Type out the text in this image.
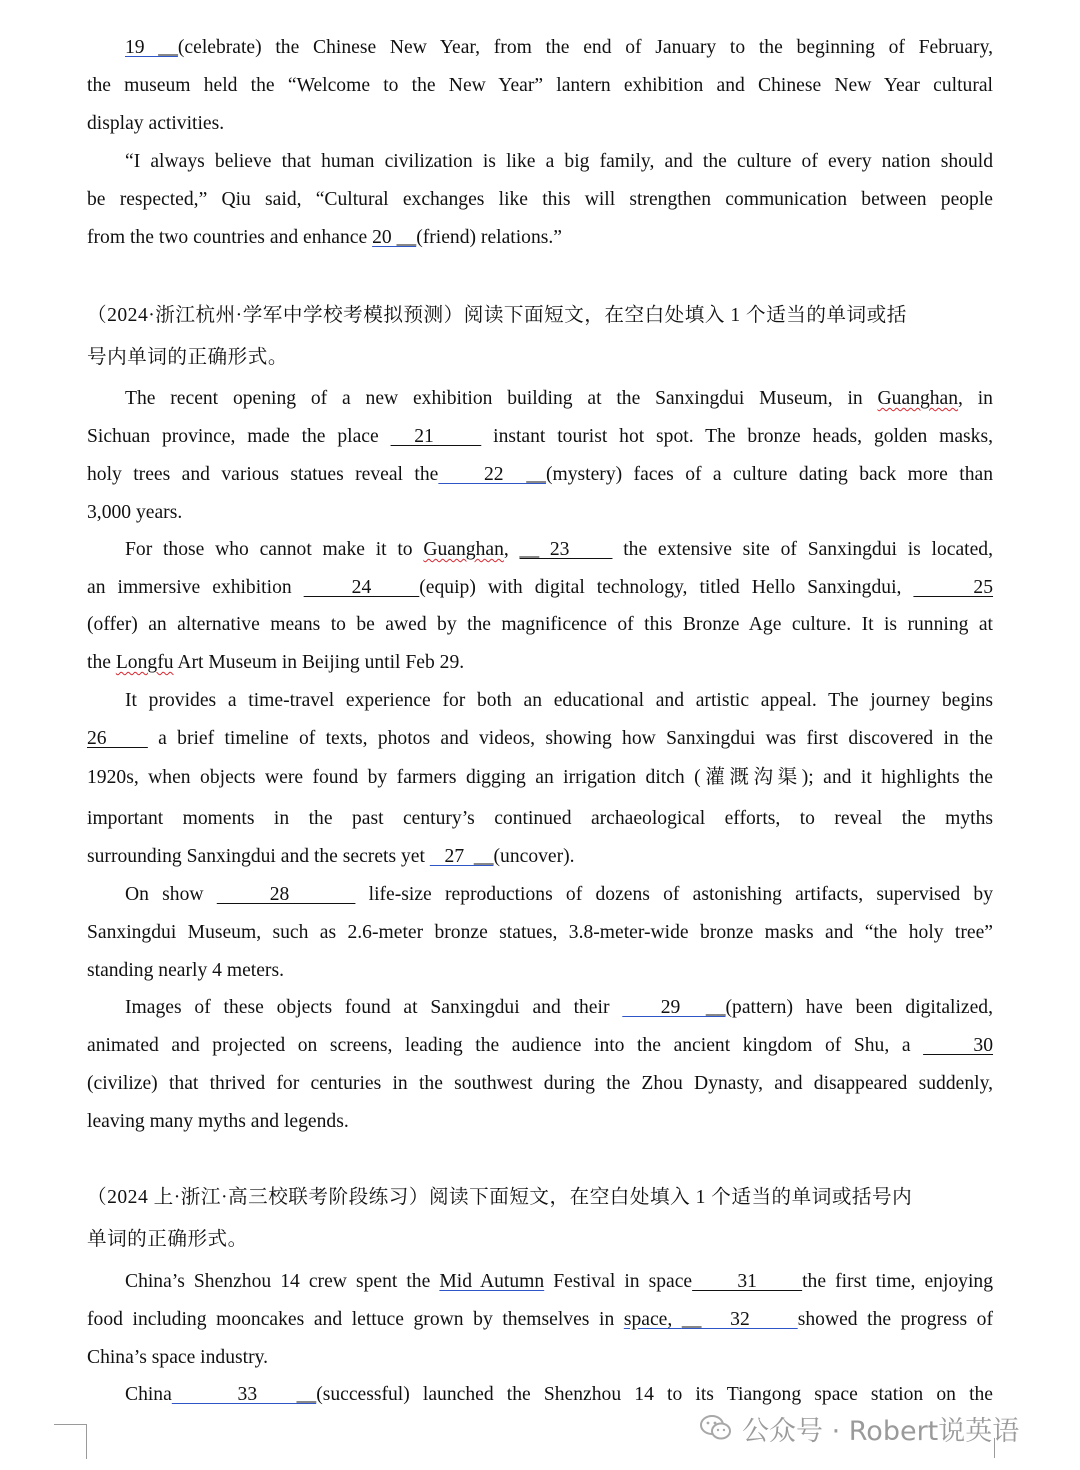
19 __(celebrate) the Chinese New Year, from the end of January to the beginning of February,
the museum held the “Welcome to the New Year” lantern exhibition and Chinese New Year cultural
display activities.
“I always believe that human civilization is like a big family, and the culture of every nation should
be respected,” Qiu said, “Cultural exchanges like this will strengthen communication between people
from the two countries and enhance 20 __(friend) relations.”
（2024·浙江杭州·学军中学校考模拟预测）阅读下面短文，在空白处填入 1 个适当的单词或括
号内单词的正确形式。
The recent opening of a new exhibition building at the Sanxingdui Museum, in Guanghan, in
Sichuan province, made the place   21     instant tourist hot spot. The bronze heads, golden masks,
holy trees and various statues reveal the    22  __(mystery) faces of a culture dating back more than
3,000 years.
For those who cannot make it to Guanghan, __ 23     the extensive site of Sanxingdui is located,
an immersive exhibition     24    (equip) with digital technology, titled Hello Sanxingdui,      25
(offer) an alternative means to be awed by the magnificence of this Bronze Age culture. It is running at
the Longfu Art Museum in Beijing until Feb 29.
It provides a time-travel experience for both an educational and artistic appeal. The journey begins
26     a brief timeline of texts, photos and videos, showing how Sanxingdui was first discovered in the
1920s, when objects were found by farmers digging an irrigation ditch (灌溉沟渠); and it highlights the
important moments in the past century’s continued archaeological efforts, to reveal the myths
surrounding Sanxingdui and the secrets yet    27  __(uncover).
On show     28      life-size reproductions of dozens of astonishing artifacts, supervised by
Sanxingdui Museum, such as 2.6-meter bronze statues, 3.8-meter-wide bronze masks and “the holy tree”
standing nearly 4 meters.
Images of these objects found at Sanxingdui and their    29  __(pattern) have been digitalized,
animated and projected on screens, leading the audience into the ancient kingdom of Shu, a     30
(civilize) that thrived for centuries in the southwest during the Zhou Dynasty, and disappeared suddenly,
leaving many myths and legends.
（2024 上·浙江·高三校联考阶段练习）阅读下面短文，在空白处填入 1 个适当的单词或括号内
单词的正确形式。
China’s Shenzhou 14 crew spent the Mid Autumn Festival in space     31     the first time, enjoying
food including mooncakes and lettuce grown by themselves in space, __   32     showed the progress of
China’s space industry.
China     33   __(successful) launched the Shenzhou 14 to its Tiangong space station on the
公众号 · Robert说英语
